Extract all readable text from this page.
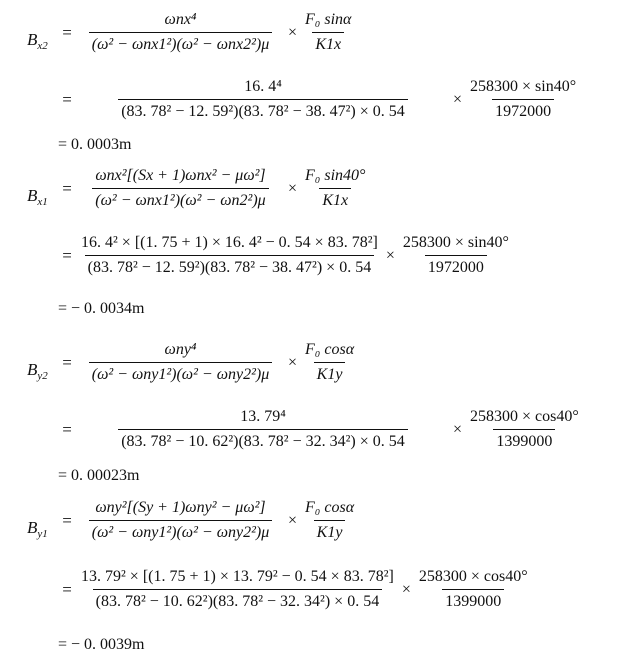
$B_{x2}$
= $\frac{\text{ωnx⁴}}{\text{(ω² − ωnx1²)(ω² − ωnx2²)μ}} \times \frac{\text{F₀ sinα}}{K1x}$
= $\frac{\text{16. 4⁴}}{\text{(83. 78² − 12. 59²)(83. 78² − 38. 47²) × 0. 54}} \times \frac{258300 \times \sin 40^\circ}{1972000}$
= 0. 0003m
$B_{x1}$
= $\frac{\text{ωnx²[(Sx + 1)ωnx² − μω²]}}{\text{(ω² − ωnx1²)(ω² − ωn2²)μ}} \times \frac{\text{F₀ sin40°}}{K1x}$
= $\frac{\text{16. 4² × [(1. 75 + 1) × 16. 4² − 0. 54 × 83. 78²]}}{\text{(83. 78² − 12. 59²)(83. 78² − 38. 47²) × 0. 54}} \times \frac{258300 \times \sin 40^\circ}{1972000}$
= − 0. 0034m
$B_{y2}$
= $\frac{\text{ωny⁴}}{\text{(ω² − ωny1²)(ω² − ωny2²)μ}} \times \frac{\text{F₀ cosα}}{K1y}$
= $\frac{\text{13. 79⁴}}{\text{(83. 78² − 10. 62²)(83. 78² − 32. 34²) × 0. 54}} \times \frac{258300 \times \cos 40^\circ}{1399000}$
= 0. 00023m
$B_{y1}$
= $\frac{\text{ωny²[(Sy + 1)ωny² − μω²]}}{\text{(ω² − ωny1²)(ω² − ωny2²)μ}} \times \frac{\text{F₀ cosα}}{K1y}$
= $\frac{\text{13. 79² × [(1. 75 + 1) × 13. 79² − 0. 54 × 83. 78²]}}{\text{(83. 78² − 10. 62²)(83. 78² − 32. 34²) × 0. 54}} \times \frac{258300 \times \cos 40^\circ}{1399000}$
= − 0. 0039m
